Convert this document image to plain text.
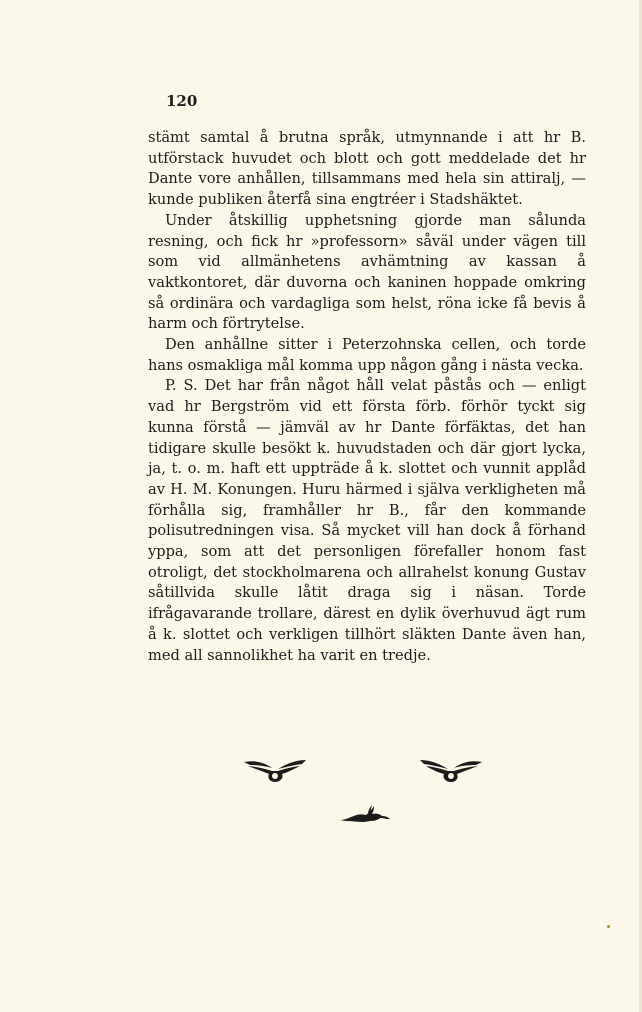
120

stämt samtal å brutna språk, utmynnande i att hr B. utförstack huvudet och blott och gott meddelade det hr Dante vore anhållen, tillsammans med hela sin attiralj, — kunde publiken återfå sina engtréer i Stadshäktet.

Under åtskillig upphetsning gjorde man sålunda resning, och fick hr »professorn» såväl under vägen till som vid allmänhetens avhämtning av kassan å vaktkontoret, där duvorna och kaninen hoppade omkring så ordinära och vardagliga som helst, röna icke få bevis å harm och förtrytelse.

Den anhållne sitter i Peterzohnska cellen, och torde hans osmakliga mål komma upp någon gång i nästa vecka.

P. S. Det har från något håll velat påstås och — enligt vad hr Bergström vid ett första förb. förhör tyckt sig kunna förstå — jämväl av hr Dante förfäktas, det han tidigare skulle besökt k. huvudstaden och där gjort lycka, ja, t. o. m. haft ett uppträde å k. slottet och vunnit applåd av H. M. Konungen. Huru härmed i själva verkligheten må förhålla sig, framhåller hr B., får den kommande polisutredningen visa. Så mycket vill han dock å förhand yppa, som att det personligen förefaller honom fast otroligt, det stockholmarena och allrahelst konung Gustav såtillvida skulle låtit draga sig i näsan. Torde ifrågavarande trollare, därest en dylik överhuvud ägt rum å k. slottet och verkligen tillhört släkten Dante även han, med all sannolikhet ha varit en tredje.
